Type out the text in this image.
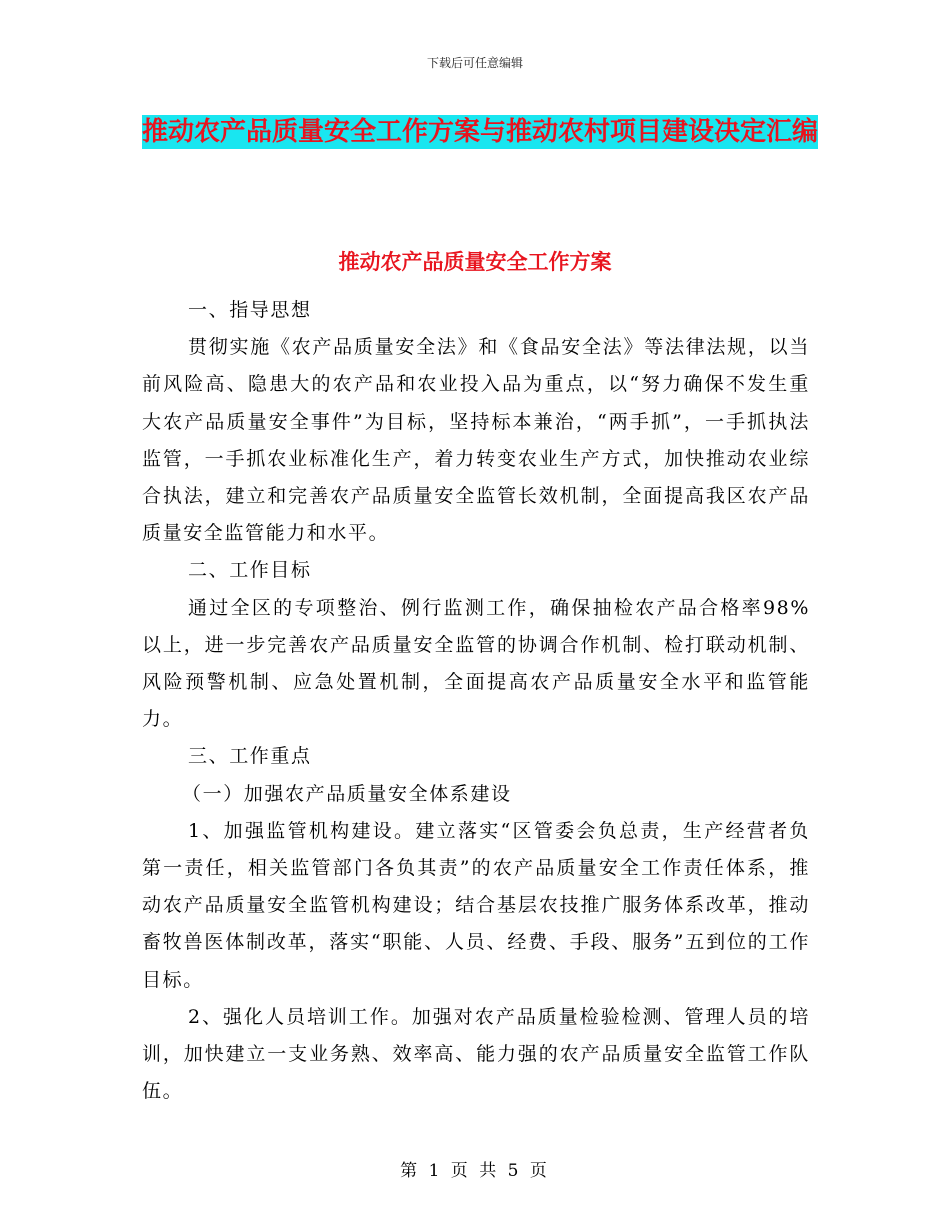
下载后可任意编辑
推动农产品质量安全工作方案与推动农村项目建设决定汇编
推动农产品质量安全工作方案

一、指导思想

贯彻实施《农产品质量安全法》和《食品安全法》等法律法规，以当前风险高、隐患大的农产品和农业投入品为重点，以“努力确保不发生重大农产品质量安全事件”为目标，坚持标本兼治，“两手抓”，一手抓执法监管，一手抓农业标准化生产，着力转变农业生产方式，加快推动农业综合执法，建立和完善农产品质量安全监管长效机制，全面提高我区农产品质量安全监管能力和水平。

二、工作目标

通过全区的专项整治、例行监测工作，确保抽检农产品合格率98%以上，进一步完善农产品质量安全监管的协调合作机制、检打联动机制、风险预警机制、应急处置机制，全面提高农产品质量安全水平和监管能力。

三、工作重点

（一）加强农产品质量安全体系建设

1、加强监管机构建设。建立落实“区管委会负总责，生产经营者负第一责任，相关监管部门各负其责”的农产品质量安全工作责任体系，推动农产品质量安全监管机构建设；结合基层农技推广服务体系改革，推动畜牧兽医体制改革，落实“职能、人员、经费、手段、服务”五到位的工作目标。

2、强化人员培训工作。加强对农产品质量检验检测、管理人员的培训，加快建立一支业务熟、效率高、能力强的农产品质量安全监管工作队伍。

第 1 页 共 5 页
